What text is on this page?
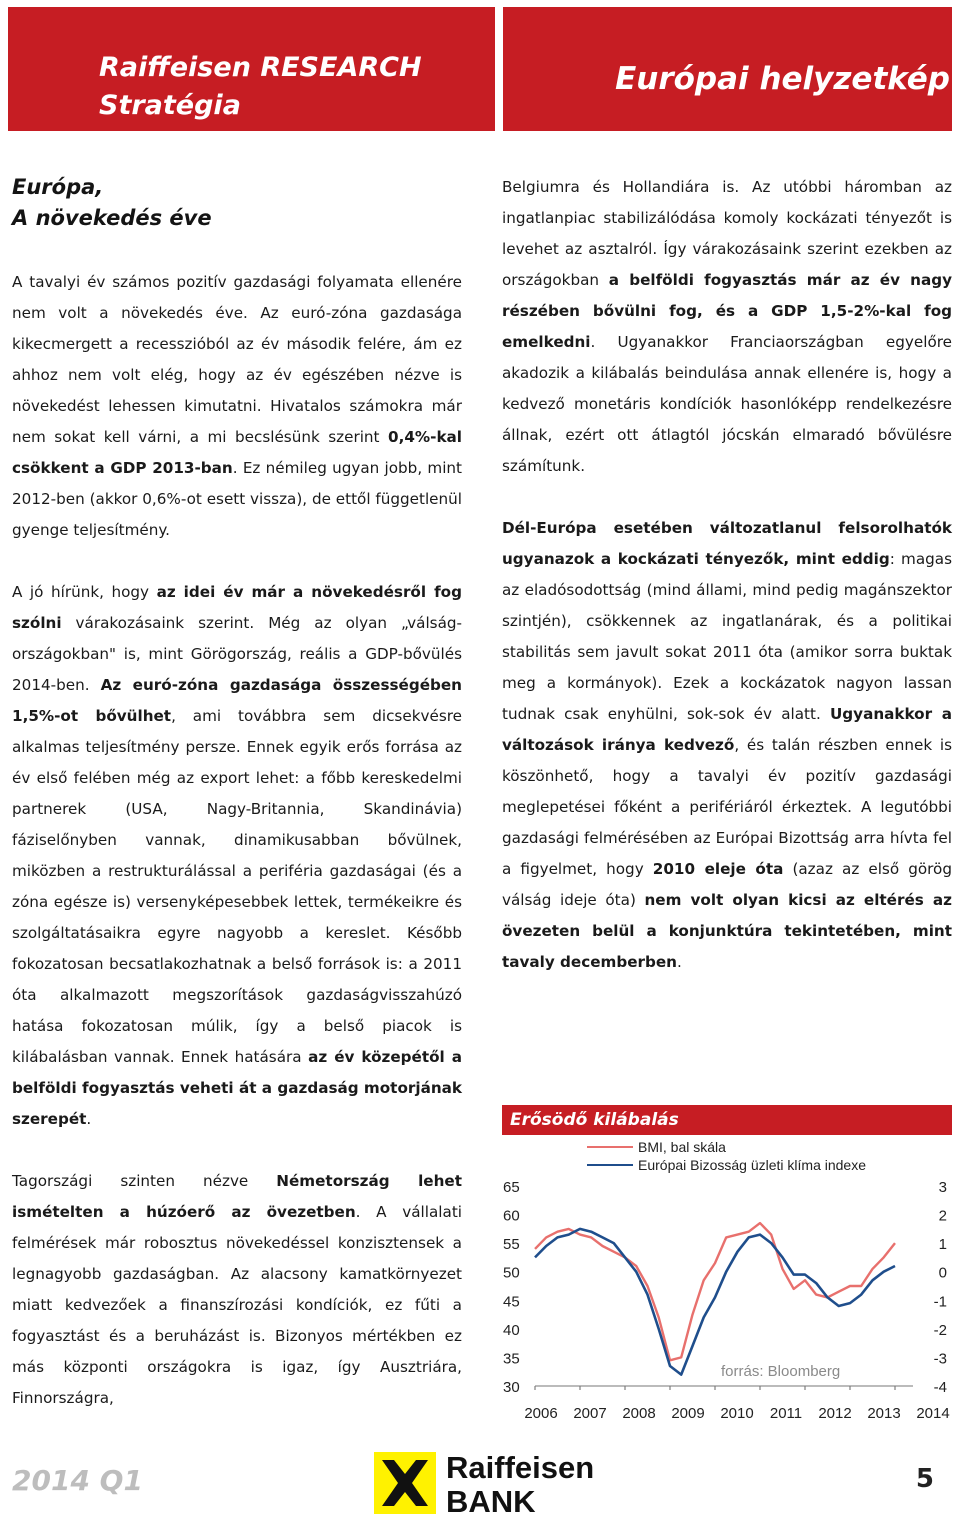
Raiffeisen RESEARCH
Stratégia
Európai helyzetkép
Európa,
A növekedés éve

A tavalyi év számos pozitív gazdasági folyamata ellenére nem volt a növekedés éve. Az euró-zóna gazdasága kikecmergett a recesszióból az év második felére, ám ez ahhoz nem volt elég, hogy az év egészében nézve is növekedést lehessen kimutatni. Hivatalos számokra már nem sokat kell várni, a mi becslésünk szerint 0,4%-kal csökkent a GDP 2013-ban. Ez némileg ugyan jobb, mint 2012-ben (akkor 0,6%-ot esett vissza), de ettől függetlenül gyenge teljesítmény.

A jó hírünk, hogy az idei év már a növekedésről fog szólni várakozásaink szerint. Még az olyan „válság-országokban" is, mint Görögország, reális a GDP-bővülés 2014-ben. Az euró-zóna gazdasága összességében 1,5%-ot bővülhet, ami továbbra sem dicsekvésre alkalmas teljesítmény persze. Ennek egyik erős forrása az év első felében még az export lehet: a főbb kereskedelmi partnerek (USA, Nagy-Britannia, Skandinávia) fáziselőnyben vannak, dinamikusabban bővülnek, miközben a restrukturálással a periféria gazdaságai (és a zóna egésze is) versenyképesebbek lettek, termékeikre és szolgáltatásaikra egyre nagyobb a kereslet. Később fokozatosan becsatlakozhatnak a belső források is: a 2011 óta alkalmazott megszorítások gazdaságvisszahúzó hatása fokozatosan múlik, így a belső piacok is kilábalásban vannak. Ennek hatására az év közepétől a belföldi fogyasztás veheti át a gazdaság motorjának szerepét.

Tagországi szinten nézve Németország lehet ismételten a húzóerő az övezetben. A vállalati felmérések már robosztus növekedéssel konzisztensek a legnagyobb gazdaságban. Az alacsony kamatkörnyezet miatt kedvezőek a finanszírozási kondíciók, ez fűti a fogyasztást és a beruházást is. Bizonyos mértékben ez más központi országokra is igaz, így Ausztriára, Finnországra,

Belgiumra és Hollandiára is. Az utóbbi háromban az ingatlanpiac stabilizálódása komoly kockázati tényezőt is levehet az asztalról. Így várakozásaink szerint ezekben az országokban a belföldi fogyasztás már az év nagy részében bővülni fog, és a GDP 1,5-2%-kal fog emelkedni. Ugyanakkor Franciaországban egyelőre akadozik a kilábalás beindulása annak ellenére is, hogy a kedvező monetáris kondíciók hasonlóképp rendelkezésre állnak, ezért ott átlagtól jócskán elmaradó bővülésre számítunk.

Dél-Európa esetében változatlanul felsorolhatók ugyanazok a kockázati tényezők, mint eddig: magas az eladósodottság (mind állami, mind pedig magánszektor szintjén), csökkennek az ingatlanárak, és a politikai stabilitás sem javult sokat 2011 óta (amikor sorra buktak meg a kormányok). Ezek a kockázatok nagyon lassan tudnak csak enyhülni, sok-sok év alatt. Ugyanakkor a változások iránya kedvező, és talán részben ennek is köszönhető, hogy a tavalyi év pozitív gazdasági meglepetései főként a perifériáról érkeztek. A legutóbbi gazdasági felmérésében az Európai Bizottság arra hívta fel a figyelmet, hogy 2010 eleje óta (azaz az első görög válság ideje óta) nem volt olyan kicsi az eltérés az övezeten belül a konjunktúra tekintetében, mint tavaly decemberben.

Erősödő kilábalás
65
60
55
50
45
40
35
30
3
2
1
0
-1
-2
-3
-4
2006 2007 2008 2009 2010 2011 2012 2013 2014
BMI, bal skála
Európai Bizosság üzleti klíma indexe
forrás: Bloomberg
Raiffeisen
BANK
2014 Q1	5
